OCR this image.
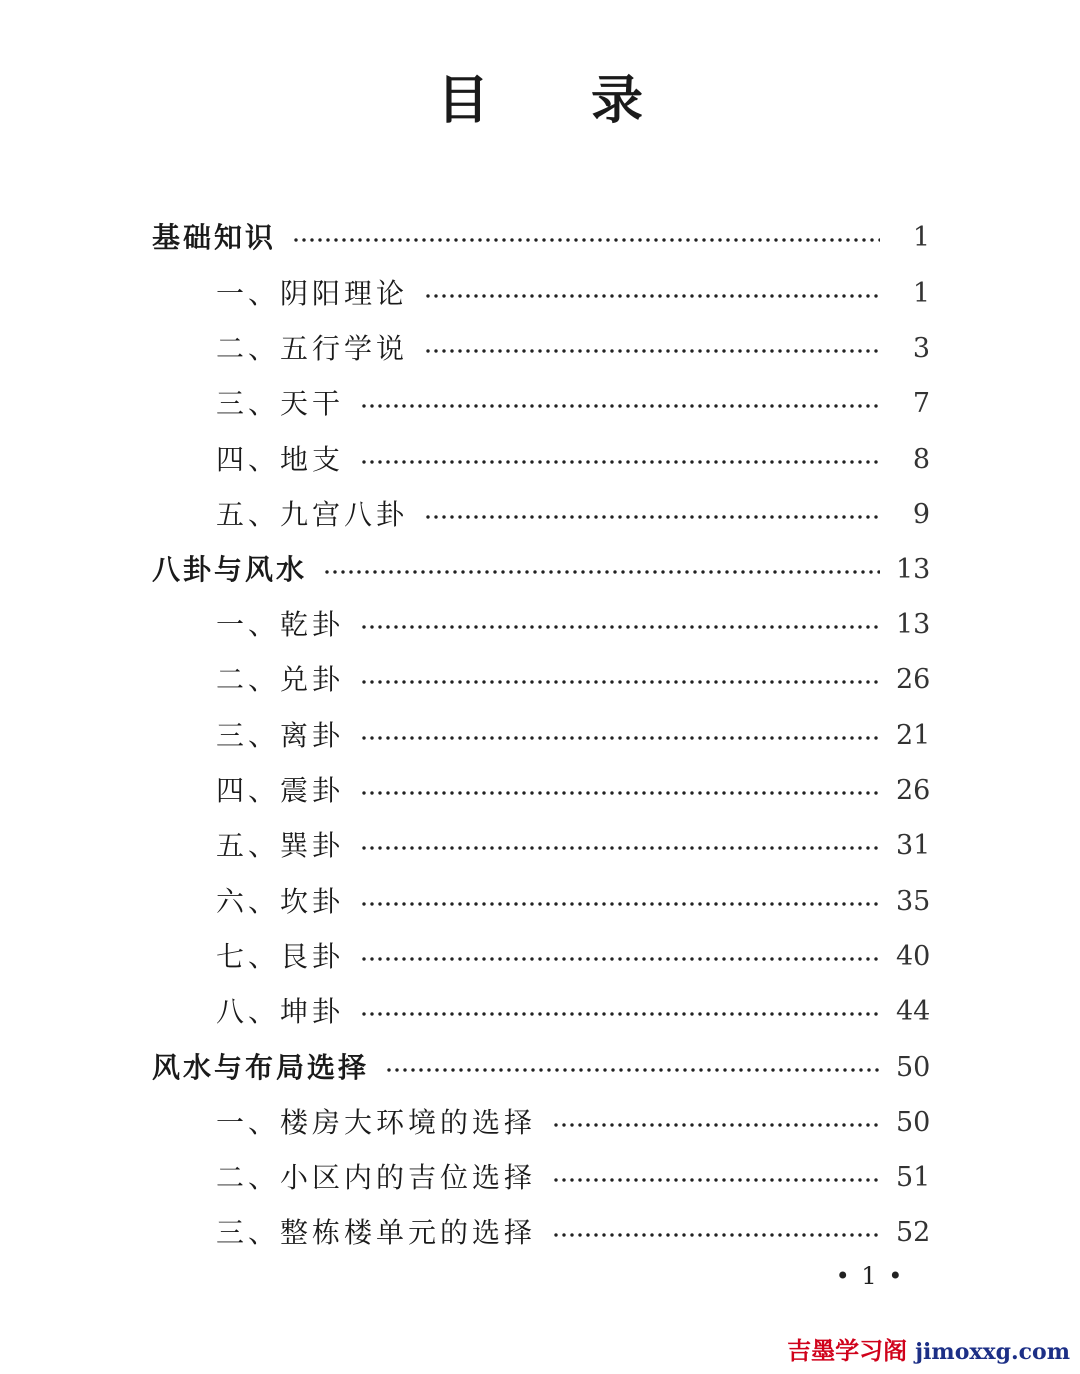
目 录
基础知识	1
一、阴阳理论	1
二、五行学说	3
三、天干	7
四、地支	8
五、九宫八卦	9
八卦与风水	13
一、乾卦	13
二、兑卦	26
三、离卦	21
四、震卦	26
五、巽卦	31
六、坎卦	35
七、艮卦	40
八、坤卦	44
风水与布局选择	50
一、楼房大环境的选择	50
二、小区内的吉位选择	51
三、整栋楼单元的选择	52
• 1 •
吉墨学习阁 jimoxxg.com
